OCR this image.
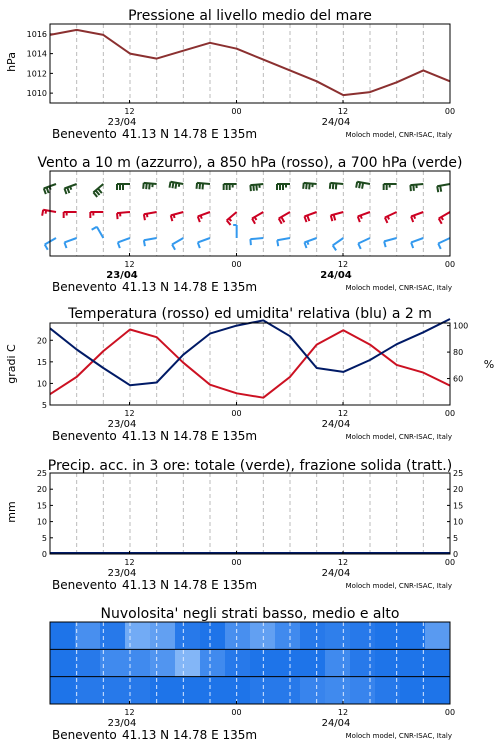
Pressione al livello medio del mare
hPa
1010
1012
1014
1016
12	00	12	00
23/04	24/04
Benevento 41.13 N 14.78 E 135m	Moloch model, CNR-ISAC, Italy
Vento a 10 m (azzurro), a 850 hPa (rosso), a 700 hPa (verde)
12	00	12	00
23/04	24/04
Benevento 41.13 N 14.78 E 135m	Moloch model, CNR-ISAC, Italy
Temperatura (rosso) ed umidita' relativa (blu) a 2 m
gradi C	%
5
10
15
20
60
80
100
12	00	12	00
23/04	24/04
Benevento 41.13 N 14.78 E 135m	Moloch model, CNR-ISAC, Italy
Precip. acc. in 3 ore: totale (verde), frazione solida (tratt.)
mm
0
5
10
15
20
25
0
5
10
15
20
25
12	00	12	00
23/04	24/04
Benevento 41.13 N 14.78 E 135m	Moloch model, CNR-ISAC, Italy
Nuvolosita' negli strati basso, medio e alto
12	00	12	00
23/04	24/04
Benevento 41.13 N 14.78 E 135m	Moloch model, CNR-ISAC, Italy
